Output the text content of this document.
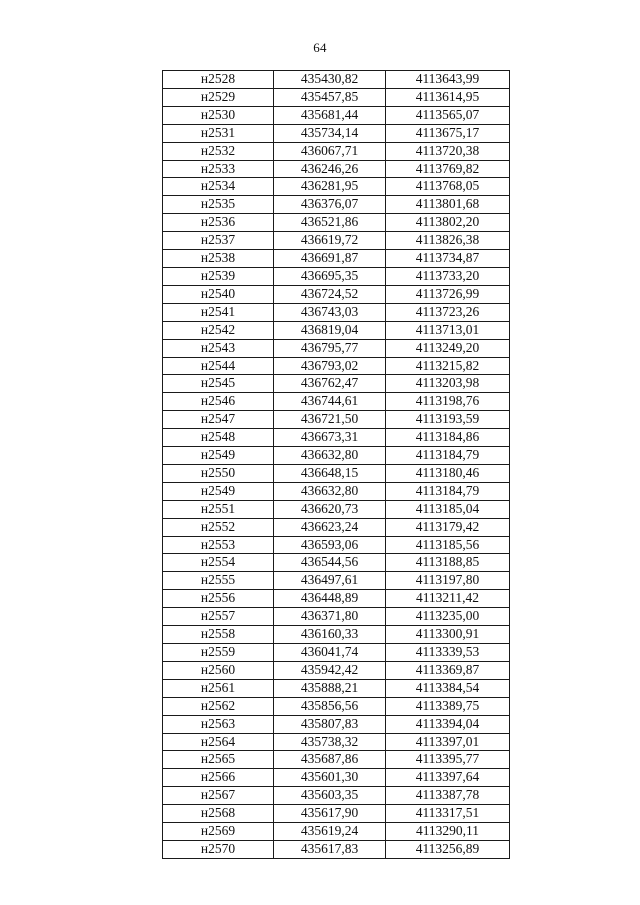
64
н2528	435430,82	4113643,99
н2529	435457,85	4113614,95
н2530	435681,44	4113565,07
н2531	435734,14	4113675,17
н2532	436067,71	4113720,38
н2533	436246,26	4113769,82
н2534	436281,95	4113768,05
н2535	436376,07	4113801,68
н2536	436521,86	4113802,20
н2537	436619,72	4113826,38
н2538	436691,87	4113734,87
н2539	436695,35	4113733,20
н2540	436724,52	4113726,99
н2541	436743,03	4113723,26
н2542	436819,04	4113713,01
н2543	436795,77	4113249,20
н2544	436793,02	4113215,82
н2545	436762,47	4113203,98
н2546	436744,61	4113198,76
н2547	436721,50	4113193,59
н2548	436673,31	4113184,86
н2549	436632,80	4113184,79
н2550	436648,15	4113180,46
н2549	436632,80	4113184,79
н2551	436620,73	4113185,04
н2552	436623,24	4113179,42
н2553	436593,06	4113185,56
н2554	436544,56	4113188,85
н2555	436497,61	4113197,80
н2556	436448,89	4113211,42
н2557	436371,80	4113235,00
н2558	436160,33	4113300,91
н2559	436041,74	4113339,53
н2560	435942,42	4113369,87
н2561	435888,21	4113384,54
н2562	435856,56	4113389,75
н2563	435807,83	4113394,04
н2564	435738,32	4113397,01
н2565	435687,86	4113395,77
н2566	435601,30	4113397,64
н2567	435603,35	4113387,78
н2568	435617,90	4113317,51
н2569	435619,24	4113290,11
н2570	435617,83	4113256,89
